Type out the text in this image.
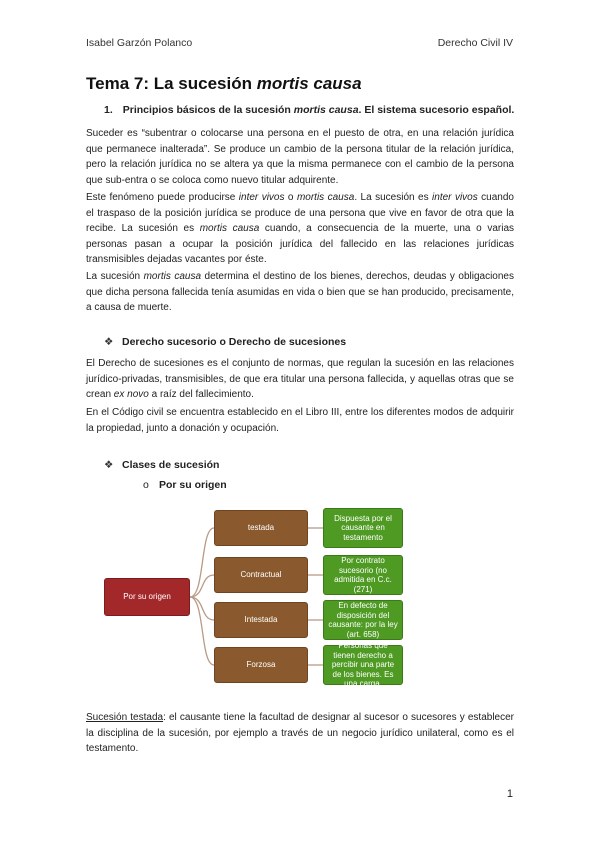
Isabel Garzón Polanco	Derecho Civil IV
Tema 7: La sucesión mortis causa
1. Principios básicos de la sucesión mortis causa. El sistema sucesorio español.

Suceder es “subentrar o colocarse una persona en el puesto de otra, en una relación jurídica que permanece inalterada”. Se produce un cambio de la persona titular de la relación jurídica, pero la relación jurídica no se altera ya que la misma permanece con el cambio de la persona que sub-entra o se coloca como nuevo titular adquirente.

Este fenómeno puede producirse inter vivos o mortis causa. La sucesión es inter vivos cuando el traspaso de la posición jurídica se produce de una persona que vive en favor de otra que la recibe. La sucesión es mortis causa cuando, a consecuencia de la muerte, una o varias personas pasan a ocupar la posición jurídica del fallecido en las relaciones jurídicas transmisibles dejadas vacantes por éste.

La sucesión mortis causa determina el destino de los bienes, derechos, deudas y obligaciones que dicha persona fallecida tenía asumidas en vida o bien que se han producido, precisamente, a causa de muerte.

❖ Derecho sucesorio o Derecho de sucesiones

El Derecho de sucesiones es el conjunto de normas, que regulan la sucesión en las relaciones jurídico-privadas, transmisibles, de que era titular una persona fallecida, y aquellas otras que se crean ex novo a raíz del fallecimiento.

En el Código civil se encuentra establecido en el Libro III, entre los diferentes modos de adquirir la propiedad, junto a donación y ocupación.

❖ Clases de sucesión
o Por su origen
Por su origen
testada
Contractual
Intestada
Forzosa
Dispuesta por el causante en testamento
Por contrato sucesorio (no admitida en C.c. (271)
En defecto de disposición del causante: por la ley (art. 658)
Personas que tienen derecho a percibir una parte de los bienes. Es una carga.

Sucesión testada: el causante tiene la facultad de designar al sucesor o sucesores y establecer la disciplina de la sucesión, por ejemplo a través de un negocio jurídico unilateral, como es el testamento.

1
